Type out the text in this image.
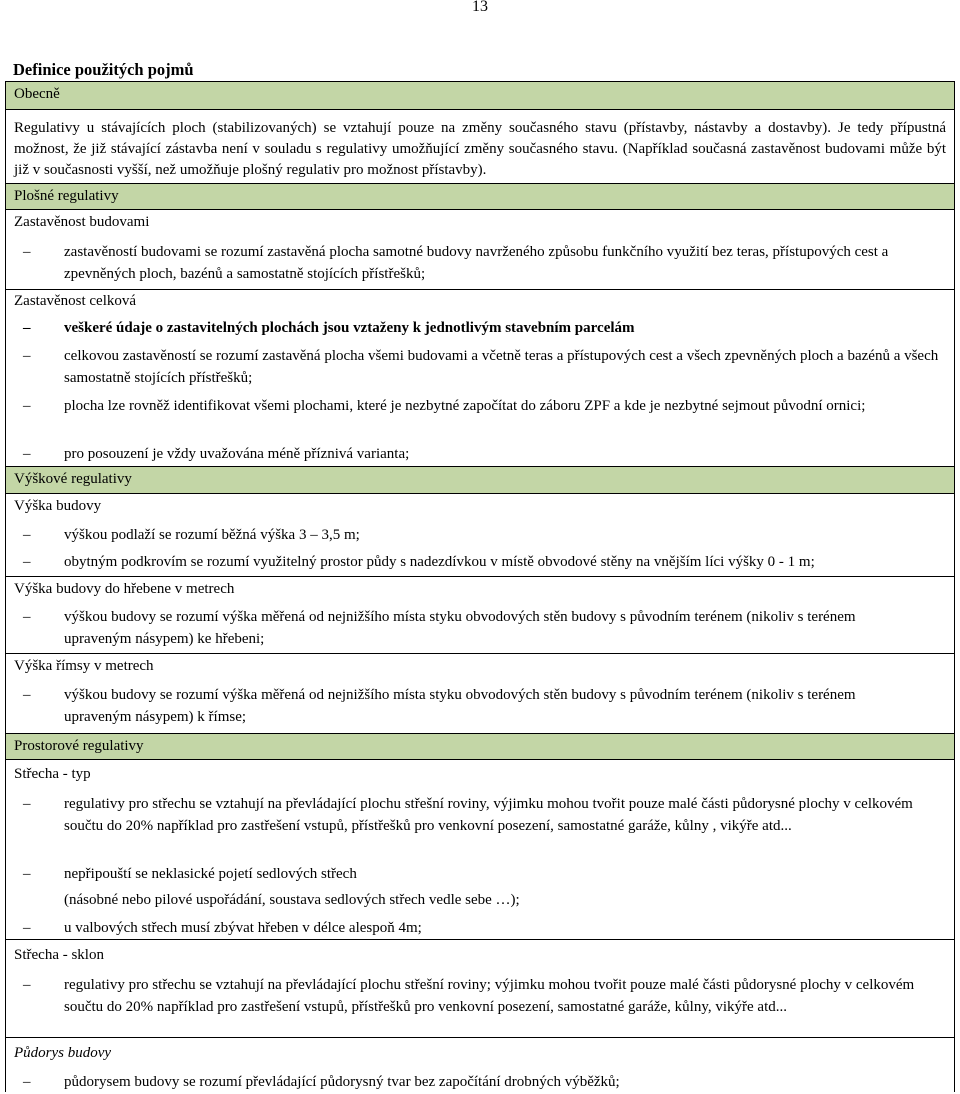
13
Definice použitých pojmů
Obecně
Regulativy u stávajících ploch (stabilizovaných) se vztahují pouze na změny současného stavu (přístavby, nástavby a dostavby). Je tedy přípustná možnost, že již stávající zástavba není v souladu s regulativy umožňující změny současného stavu. (Například současná zastavěnost budovami může být již v současnosti vyšší, než umožňuje plošný regulativ pro možnost přístavby).
Plošné regulativy
Zastavěnost budovami
– zastavěností budovami se rozumí zastavěná plocha samotné budovy navrženého způsobu funkčního využití bez teras, přístupových cest a zpevněných ploch, bazénů a samostatně stojících přístřešků;
Zastavěnost celková
– veškeré údaje o zastavitelných plochách jsou vztaženy k jednotlivým stavebním parcelám
– celkovou zastavěností se rozumí zastavěná plocha všemi budovami a včetně teras a přístupových cest a všech zpevněných ploch a bazénů a všech samostatně stojících přístřešků;
– plocha lze rovněž identifikovat všemi plochami, které je nezbytné započítat do záboru ZPF a kde je nezbytné sejmout původní ornici;
– pro posouzení je vždy uvažována méně příznivá varianta;
Výškové regulativy
Výška budovy
– výškou podlaží se rozumí běžná výška 3 – 3,5 m;
– obytným podkrovím se rozumí využitelný prostor půdy s nadezdívkou v místě obvodové stěny na vnějším líci výšky 0 - 1 m;
Výška budovy do hřebene v metrech
– výškou budovy se rozumí výška měřená od nejnižšího místa styku obvodových stěn budovy s původním terénem (nikoliv s terénem upraveným násypem) ke hřebeni;
Výška římsy v metrech
– výškou budovy se rozumí výška měřená od nejnižšího místa styku obvodových stěn budovy s původním terénem (nikoliv s terénem upraveným násypem) k římse;
Prostorové regulativy
Střecha - typ
– regulativy pro střechu se vztahují na převládající plochu střešní roviny, výjimku mohou tvořit pouze malé části půdorysné plochy v celkovém součtu do 20% například pro zastřešení vstupů, přístřešků pro venkovní posezení, samostatné garáže, kůlny , vikýře atd...
– nepřipouští se neklasické pojetí sedlových střech
(násobné nebo pilové uspořádání, soustava sedlových střech vedle sebe …);
– u valbových střech musí zbývat hřeben v délce alespoň 4m;
Střecha - sklon
– regulativy pro střechu se vztahují na převládající plochu střešní roviny; výjimku mohou tvořit pouze malé části půdorysné plochy v celkovém součtu do 20% například pro zastřešení vstupů, přístřešků pro venkovní posezení, samostatné garáže, kůlny, vikýře atd...
Půdorys budovy
– půdorysem budovy se rozumí převládající půdorysný tvar bez započítání drobných výběžků;
